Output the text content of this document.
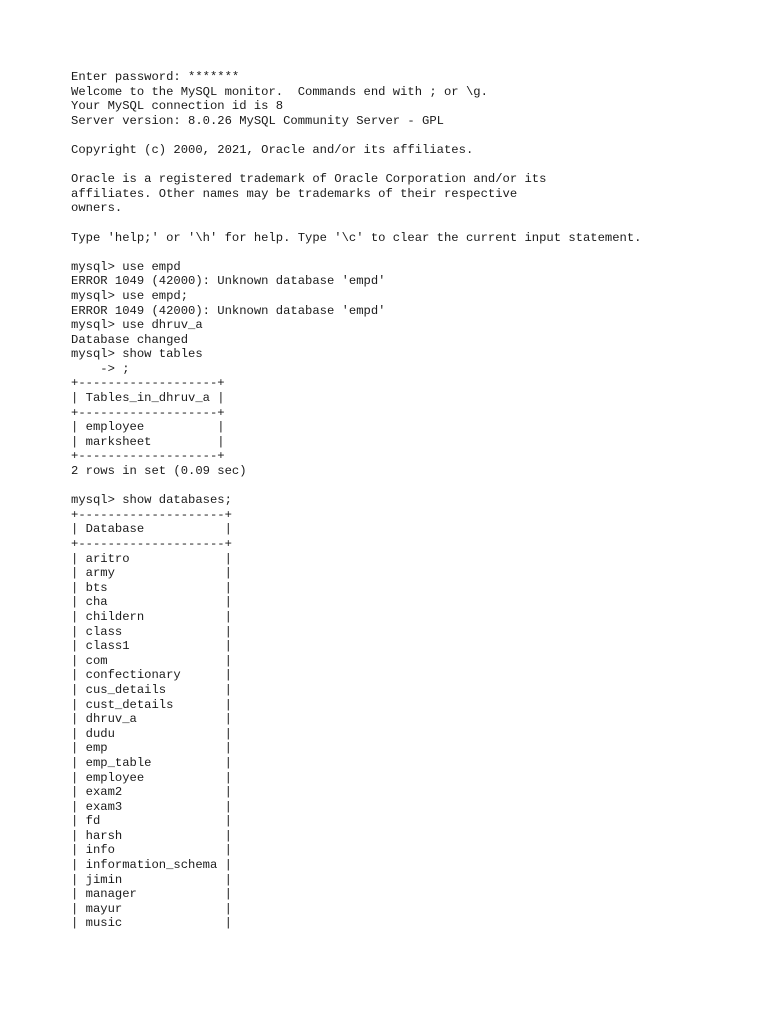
Enter password: *******
Welcome to the MySQL monitor.  Commands end with ; or \g.
Your MySQL connection id is 8
Server version: 8.0.26 MySQL Community Server - GPL
Copyright (c) 2000, 2021, Oracle and/or its affiliates.
Oracle is a registered trademark of Oracle Corporation and/or its
affiliates. Other names may be trademarks of their respective
owners.
Type 'help;' or '\h' for help. Type '\c' to clear the current input statement.
mysql> use empd
ERROR 1049 (42000): Unknown database 'empd'
mysql> use empd;
ERROR 1049 (42000): Unknown database 'empd'
mysql> use dhruv_a
Database changed
mysql> show tables
-> ;
+-------------------+
| Tables_in_dhruv_a |
+-------------------+
| employee          |
| marksheet         |
+-------------------+
2 rows in set (0.09 sec)
mysql> show databases;
+--------------------+
| Database           |
+--------------------+
| aritro             |
| army               |
| bts                |
| cha                |
| childern           |
| class              |
| class1             |
| com                |
| confectionary      |
| cus_details        |
| cust_details       |
| dhruv_a            |
| dudu               |
| emp                |
| emp_table          |
| employee           |
| exam2              |
| exam3              |
| fd                 |
| harsh              |
| info               |
| information_schema |
| jimin              |
| manager            |
| mayur              |
| music              |
